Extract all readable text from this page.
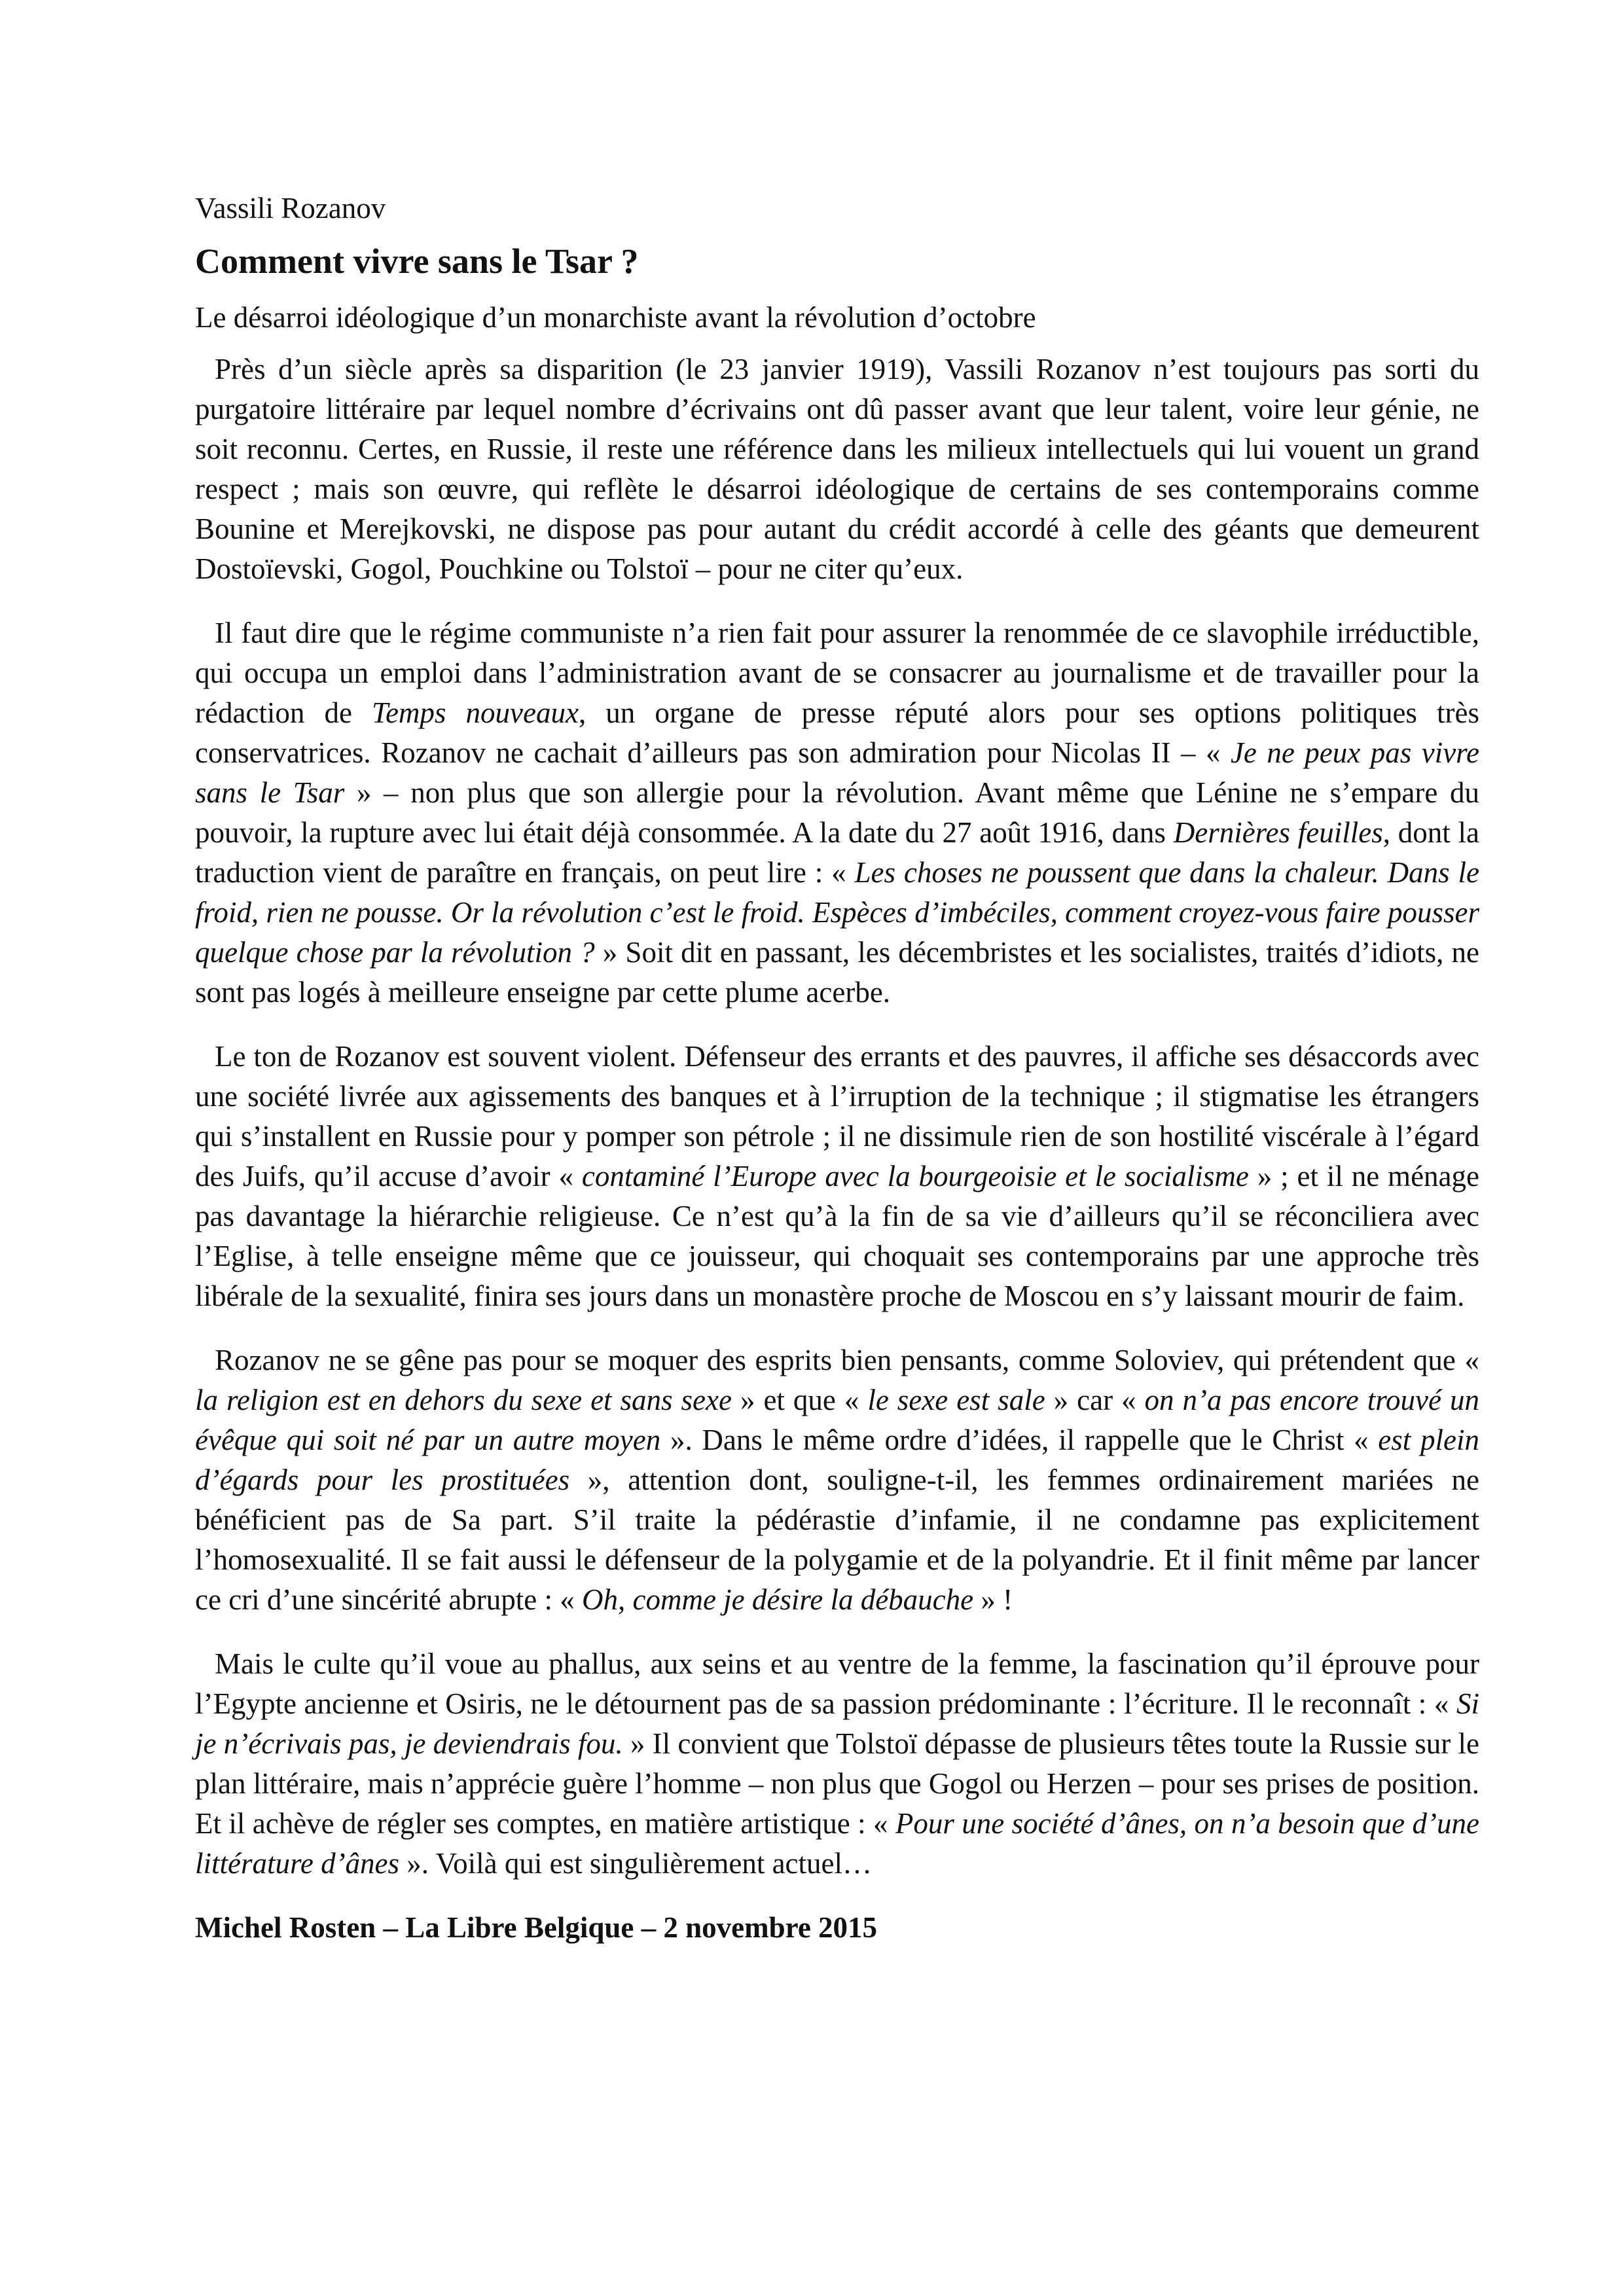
Vassili Rozanov
Comment vivre sans le Tsar ?
Le désarroi idéologique d’un monarchiste avant la révolution d’octobre

Près d’un siècle après sa disparition (le 23 janvier 1919), Vassili Rozanov n’est toujours pas sorti du purgatoire littéraire par lequel nombre d’écrivains ont dû passer avant que leur talent, voire leur génie, ne soit reconnu. Certes, en Russie, il reste une référence dans les milieux intellectuels qui lui vouent un grand respect ; mais son œuvre, qui reflète le désarroi idéologique de certains de ses contemporains comme Bounine et Merejkovski, ne dispose pas pour autant du crédit accordé à celle des géants que demeurent Dostoïevski, Gogol, Pouchkine ou Tolstoï – pour ne citer qu’eux.

Il faut dire que le régime communiste n’a rien fait pour assurer la renommée de ce slavophile irréductible, qui occupa un emploi dans l’administration avant de se consacrer au journalisme et de travailler pour la rédaction de Temps nouveaux, un organe de presse réputé alors pour ses options politiques très conservatrices. Rozanov ne cachait d’ailleurs pas son admiration pour Nicolas II – « Je ne peux pas vivre sans le Tsar » – non plus que son allergie pour la révolution. Avant même que Lénine ne s’empare du pouvoir, la rupture avec lui était déjà consommée. A la date du 27 août 1916, dans Dernières feuilles, dont la traduction vient de paraître en français, on peut lire : « Les choses ne poussent que dans la chaleur. Dans le froid, rien ne pousse. Or la révolution c’est le froid. Espèces d’imbéciles, comment croyez-vous faire pousser quelque chose par la révolution ? » Soit dit en passant, les décembristes et les socialistes, traités d’idiots, ne sont pas logés à meilleure enseigne par cette plume acerbe.

Le ton de Rozanov est souvent violent. Défenseur des errants et des pauvres, il affiche ses désaccords avec une société livrée aux agissements des banques et à l’irruption de la technique ; il stigmatise les étrangers qui s’installent en Russie pour y pomper son pétrole ; il ne dissimule rien de son hostilité viscérale à l’égard des Juifs, qu’il accuse d’avoir « contaminé l’Europe avec la bourgeoisie et le socialisme » ; et il ne ménage pas davantage la hiérarchie religieuse. Ce n’est qu’à la fin de sa vie d’ailleurs qu’il se réconciliera avec l’Eglise, à telle enseigne même que ce jouisseur, qui choquait ses contemporains par une approche très libérale de la sexualité, finira ses jours dans un monastère proche de Moscou en s’y laissant mourir de faim.

Rozanov ne se gêne pas pour se moquer des esprits bien pensants, comme Soloviev, qui prétendent que « la religion est en dehors du sexe et sans sexe » et que « le sexe est sale » car « on n’a pas encore trouvé un évêque qui soit né par un autre moyen ». Dans le même ordre d’idées, il rappelle que le Christ « est plein d’égards pour les prostituées », attention dont, souligne-t-il, les femmes ordinairement mariées ne bénéficient pas de Sa part. S’il traite la pédérastie d’infamie, il ne condamne pas explicitement l’homosexualité. Il se fait aussi le défenseur de la polygamie et de la polyandrie. Et il finit même par lancer ce cri d’une sincérité abrupte : « Oh, comme je désire la débauche » !

Mais le culte qu’il voue au phallus, aux seins et au ventre de la femme, la fascination qu’il éprouve pour l’Egypte ancienne et Osiris, ne le détournent pas de sa passion prédominante : l’écriture. Il le reconnaît : « Si je n’écrivais pas, je deviendrais fou. » Il convient que Tolstoï dépasse de plusieurs têtes toute la Russie sur le plan littéraire, mais n’apprécie guère l’homme – non plus que Gogol ou Herzen – pour ses prises de position. Et il achève de régler ses comptes, en matière artistique : « Pour une société d’ânes, on n’a besoin que d’une littérature d’ânes ». Voilà qui est singulièrement actuel…

Michel Rosten – La Libre Belgique – 2 novembre 2015
